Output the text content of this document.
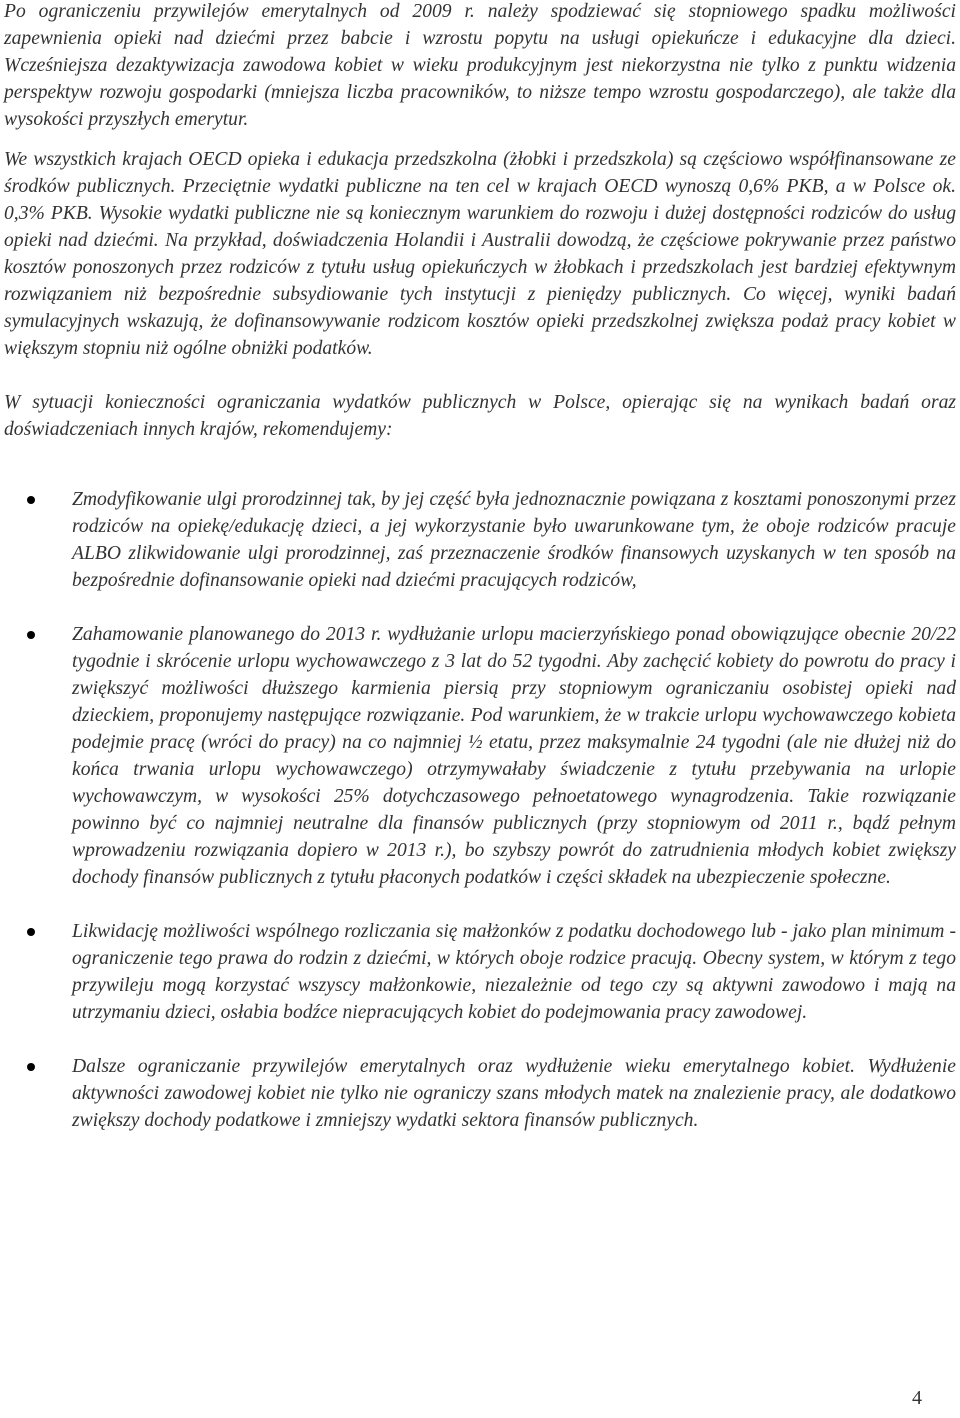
Po ograniczeniu przywilejów emerytalnych od 2009 r. należy spodziewać się stopniowego spadku możliwości zapewnienia opieki nad dziećmi przez babcie i wzrostu popytu na usługi opiekuńcze i edukacyjne dla dzieci. Wcześniejsza dezaktywizacja zawodowa kobiet w wieku produkcyjnym jest niekorzystna nie tylko z punktu widzenia perspektyw rozwoju gospodarki (mniejsza liczba pracowników, to niższe tempo wzrostu gospodarczego), ale także dla wysokości przyszłych emerytur.

We wszystkich krajach OECD opieka i edukacja przedszkolna (żłobki i przedszkola) są częściowo współfinansowane ze środków publicznych. Przeciętnie wydatki publiczne na ten cel w krajach OECD wynoszą 0,6% PKB, a w Polsce ok. 0,3% PKB. Wysokie wydatki publiczne nie są koniecznym warunkiem do rozwoju i dużej dostępności rodziców do usług opieki nad dziećmi. Na przykład, doświadczenia Holandii i Australii dowodzą, że częściowe pokrywanie przez państwo kosztów ponoszonych przez rodziców z tytułu usług opiekuńczych w żłobkach i przedszkolach jest bardziej efektywnym rozwiązaniem niż bezpośrednie subsydiowanie tych instytucji z pieniędzy publicznych. Co więcej, wyniki badań symulacyjnych wskazują, że dofinansowywanie rodzicom kosztów opieki przedszkolnej zwiększa podaż pracy kobiet w większym stopniu niż ogólne obniżki podatków.

W sytuacji konieczności ograniczania wydatków publicznych w Polsce, opierając się na wynikach badań oraz doświadczeniach innych krajów, rekomendujemy:

Zmodyfikowanie ulgi prorodzinnej tak, by jej część była jednoznacznie powiązana z kosztami ponoszonymi przez rodziców na opiekę/edukację dzieci, a jej wykorzystanie było uwarunkowane tym, że oboje rodziców pracuje ALBO zlikwidowanie ulgi prorodzinnej, zaś przeznaczenie środków finansowych uzyskanych w ten sposób na bezpośrednie dofinansowanie opieki nad dziećmi pracujących rodziców,

Zahamowanie planowanego do 2013 r. wydłużanie urlopu macierzyńskiego ponad obowiązujące obecnie 20/22 tygodnie i skrócenie urlopu wychowawczego z 3 lat do 52 tygodni. Aby zachęcić kobiety do powrotu do pracy i zwiększyć możliwości dłuższego karmienia piersią przy stopniowym ograniczaniu osobistej opieki nad dzieckiem, proponujemy następujące rozwiązanie. Pod warunkiem, że w trakcie urlopu wychowawczego kobieta podejmie pracę (wróci do pracy) na co najmniej ½ etatu, przez maksymalnie 24 tygodni (ale nie dłużej niż do końca trwania urlopu wychowawczego) otrzymywałaby świadczenie z tytułu przebywania na urlopie wychowawczym, w wysokości 25% dotychczasowego pełnoetatowego wynagrodzenia. Takie rozwiązanie powinno być co najmniej neutralne dla finansów publicznych (przy stopniowym od 2011 r., bądź pełnym wprowadzeniu rozwiązania dopiero w 2013 r.), bo szybszy powrót do zatrudnienia młodych kobiet zwiększy dochody finansów publicznych z tytułu płaconych podatków i części składek na ubezpieczenie społeczne.

Likwidację możliwości wspólnego rozliczania się małżonków z podatku dochodowego lub - jako plan minimum - ograniczenie tego prawa do rodzin z dziećmi, w których oboje rodzice pracują. Obecny system, w którym z tego przywileju mogą korzystać wszyscy małżonkowie, niezależnie od tego czy są aktywni zawodowo i mają na utrzymaniu dzieci, osłabia bodźce niepracujących kobiet do podejmowania pracy zawodowej.

Dalsze ograniczanie przywilejów emerytalnych oraz wydłużenie wieku emerytalnego kobiet. Wydłużenie aktywności zawodowej kobiet nie tylko nie ograniczy szans młodych matek na znalezienie pracy, ale dodatkowo zwiększy dochody podatkowe i zmniejszy wydatki sektora finansów publicznych.

4
